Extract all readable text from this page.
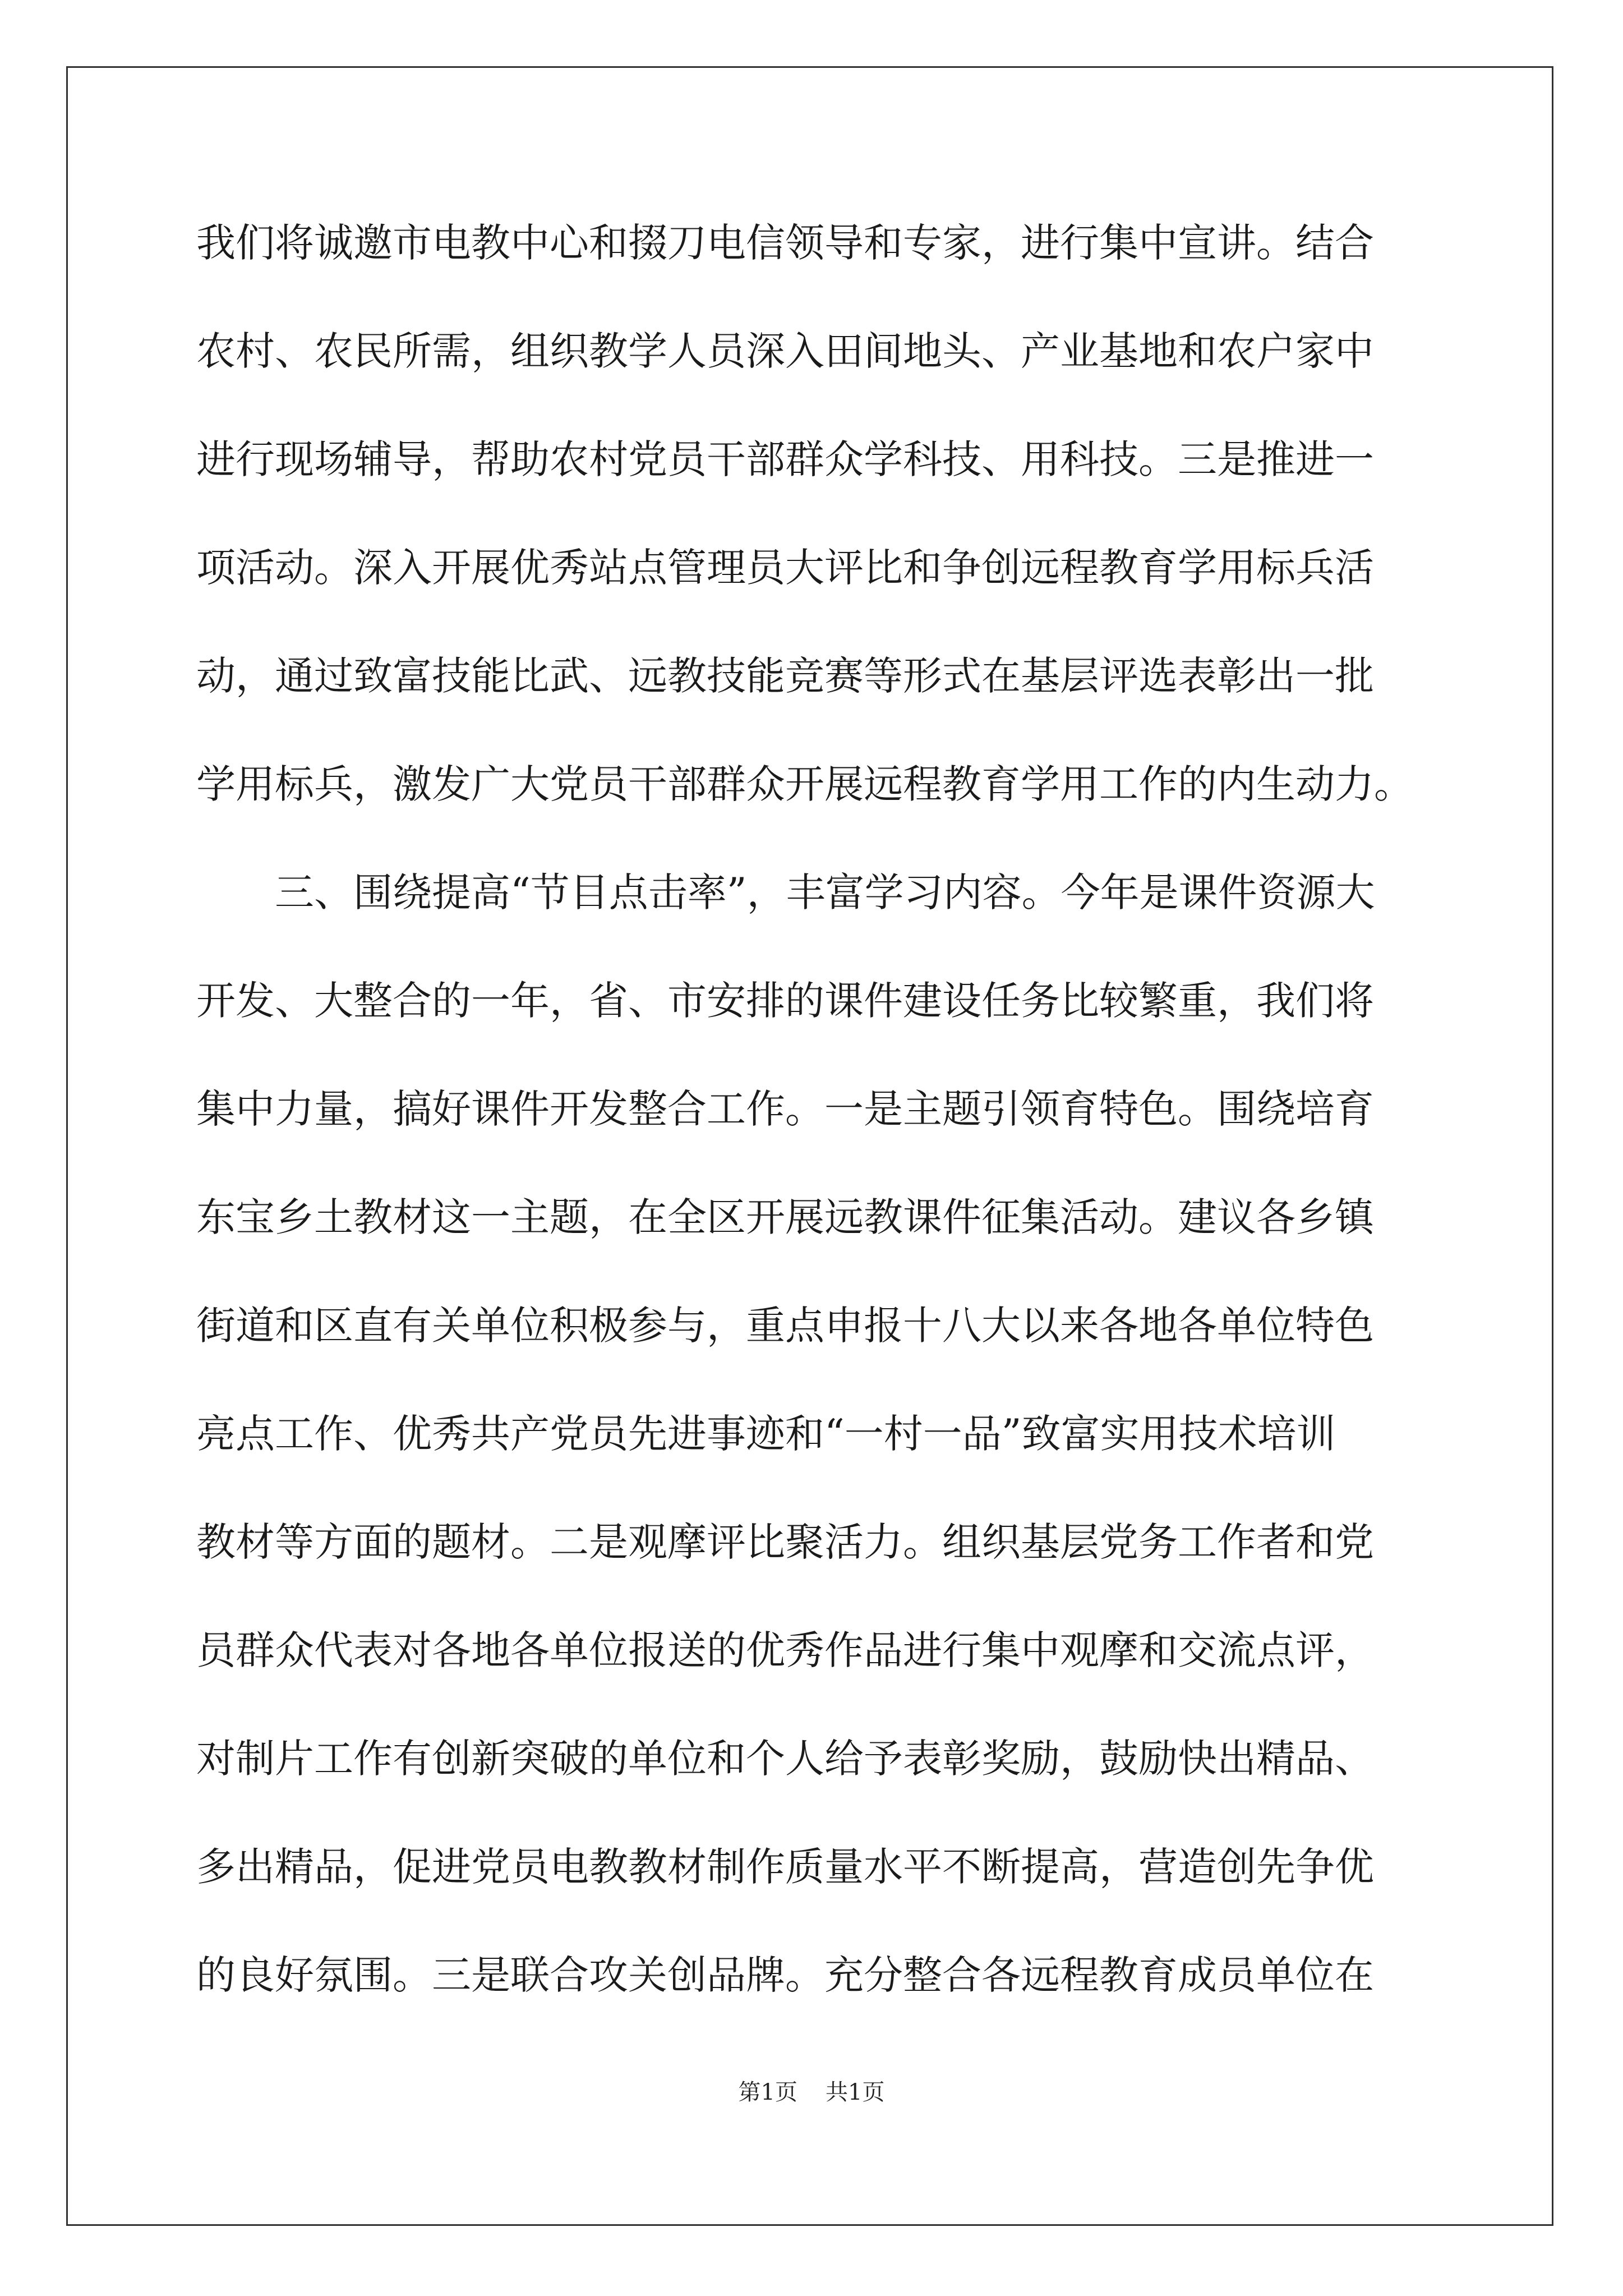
我们将诚邀市电教中心和掇刀电信领导和专家，进行集中宣讲。结合
农村、农民所需，组织教学人员深入田间地头、产业基地和农户家中
进行现场辅导，帮助农村党员干部群众学科技、用科技。三是推进一
项活动。深入开展优秀站点管理员大评比和争创远程教育学用标兵活
动，通过致富技能比武、远教技能竞赛等形式在基层评选表彰出一批
学用标兵，激发广大党员干部群众开展远程教育学用工作的内生动力。
三、围绕提高“节目点击率”，丰富学习内容。今年是课件资源大
开发、大整合的一年，省、市安排的课件建设任务比较繁重，我们将
集中力量，搞好课件开发整合工作。一是主题引领育特色。围绕培育
东宝乡土教材这一主题，在全区开展远教课件征集活动。建议各乡镇
街道和区直有关单位积极参与，重点申报十八大以来各地各单位特色
亮点工作、优秀共产党员先进事迹和“一村一品”致富实用技术培训
教材等方面的题材。二是观摩评比聚活力。组织基层党务工作者和党
员群众代表对各地各单位报送的优秀作品进行集中观摩和交流点评，
对制片工作有创新突破的单位和个人给予表彰奖励，鼓励快出精品、
多出精品，促进党员电教教材制作质量水平不断提高，营造创先争优
的良好氛围。三是联合攻关创品牌。充分整合各远程教育成员单位在
第1页 共1页
